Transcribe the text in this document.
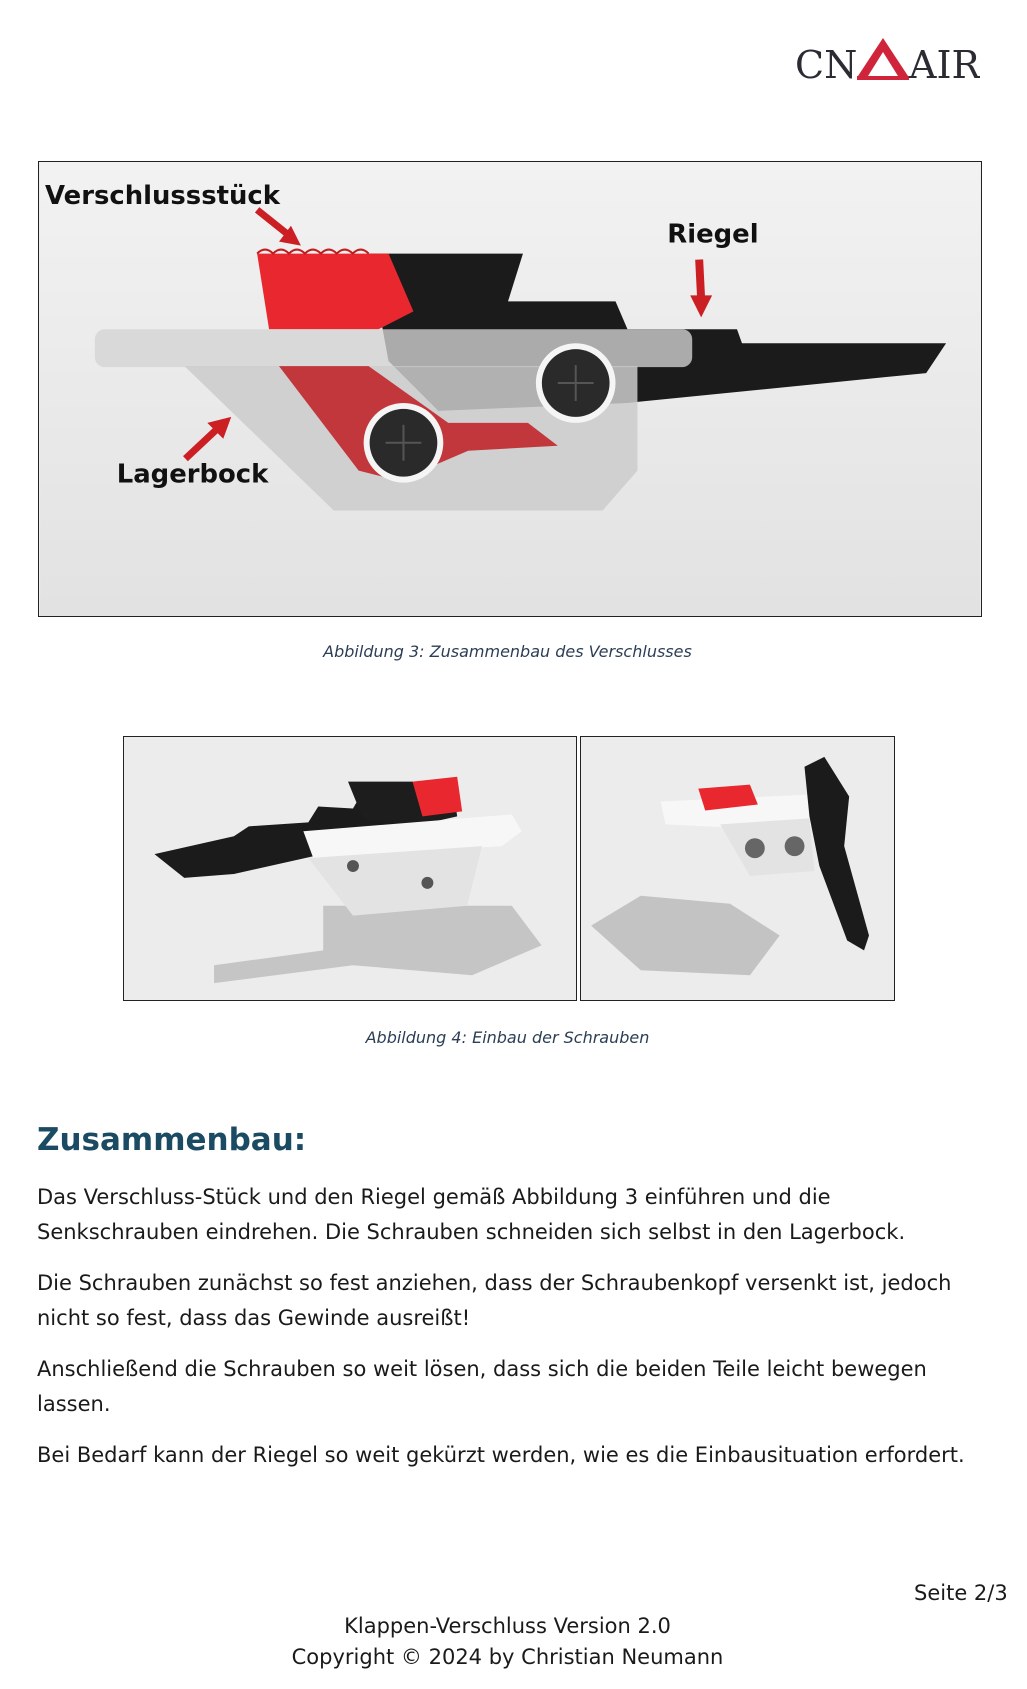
CN AIR
Verschlussstück
Riegel
Lagerbock
Abbildung 3: Zusammenbau des Verschlusses
Abbildung 4: Einbau der Schrauben
Zusammenbau:

Das Verschluss-Stück und den Riegel gemäß Abbildung 3 einführen und die Senkschrauben eindrehen. Die Schrauben schneiden sich selbst in den Lagerbock.

Die Schrauben zunächst so fest anziehen, dass der Schraubenkopf versenkt ist, jedoch nicht so fest, dass das Gewinde ausreißt!

Anschließend die Schrauben so weit lösen, dass sich die beiden Teile leicht bewegen lassen.

Bei Bedarf kann der Riegel so weit gekürzt werden, wie es die Einbausituation erfordert.

Seite 2/3
Klappen-Verschluss Version 2.0
Copyright © 2024 by Christian Neumann
